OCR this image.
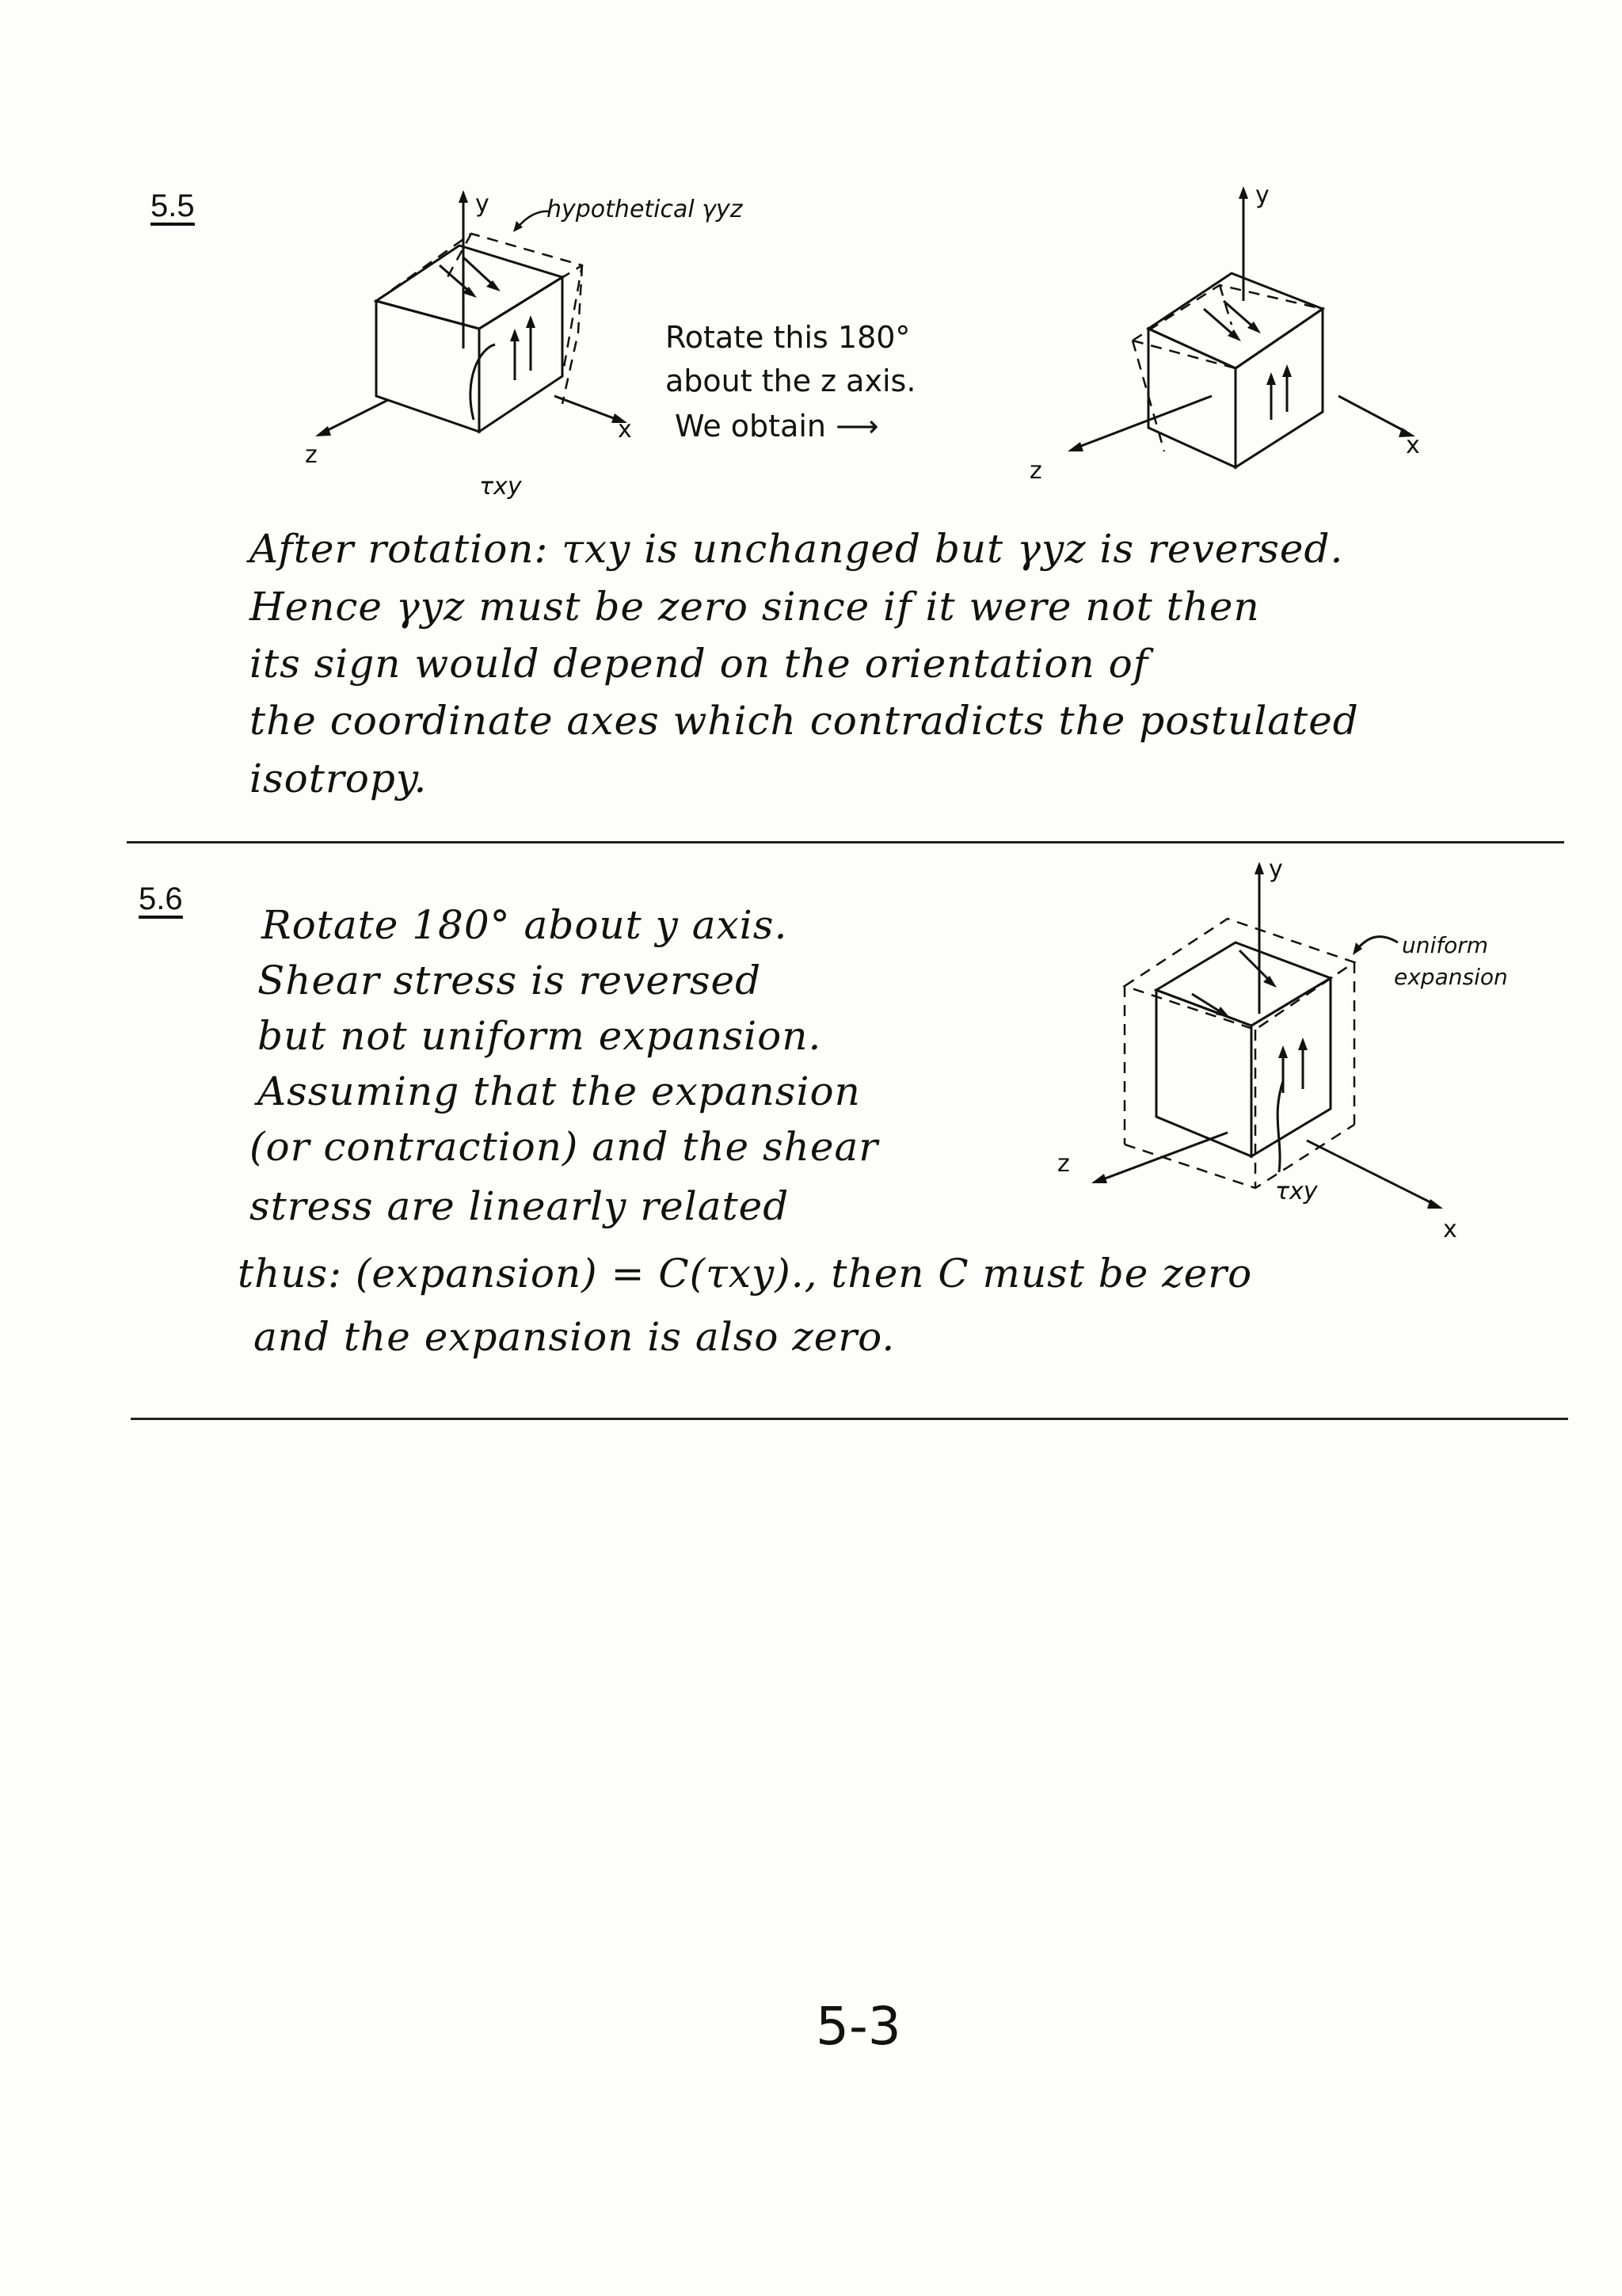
5.5	y
x
z
hypothetical γyz
τxy
Rotate this 180°
about the z axis.
We obtain ⟶
y
x
z
After rotation: τxy is unchanged but γyz is reversed.
Hence γyz must be zero since if it were not then
its sign would depend on the orientation of
the coordinate axes which contradicts the postulated
isotropy.
5.6
Rotate 180° about y axis.
Shear stress is reversed
but not uniform expansion.
Assuming that the expansion
(or contraction) and the shear
stress are linearly related
y
x
z
uniform
expansion
τxy
thus: (expansion) = C(τxy)., then C must be zero
and the expansion is also zero.
5-3
